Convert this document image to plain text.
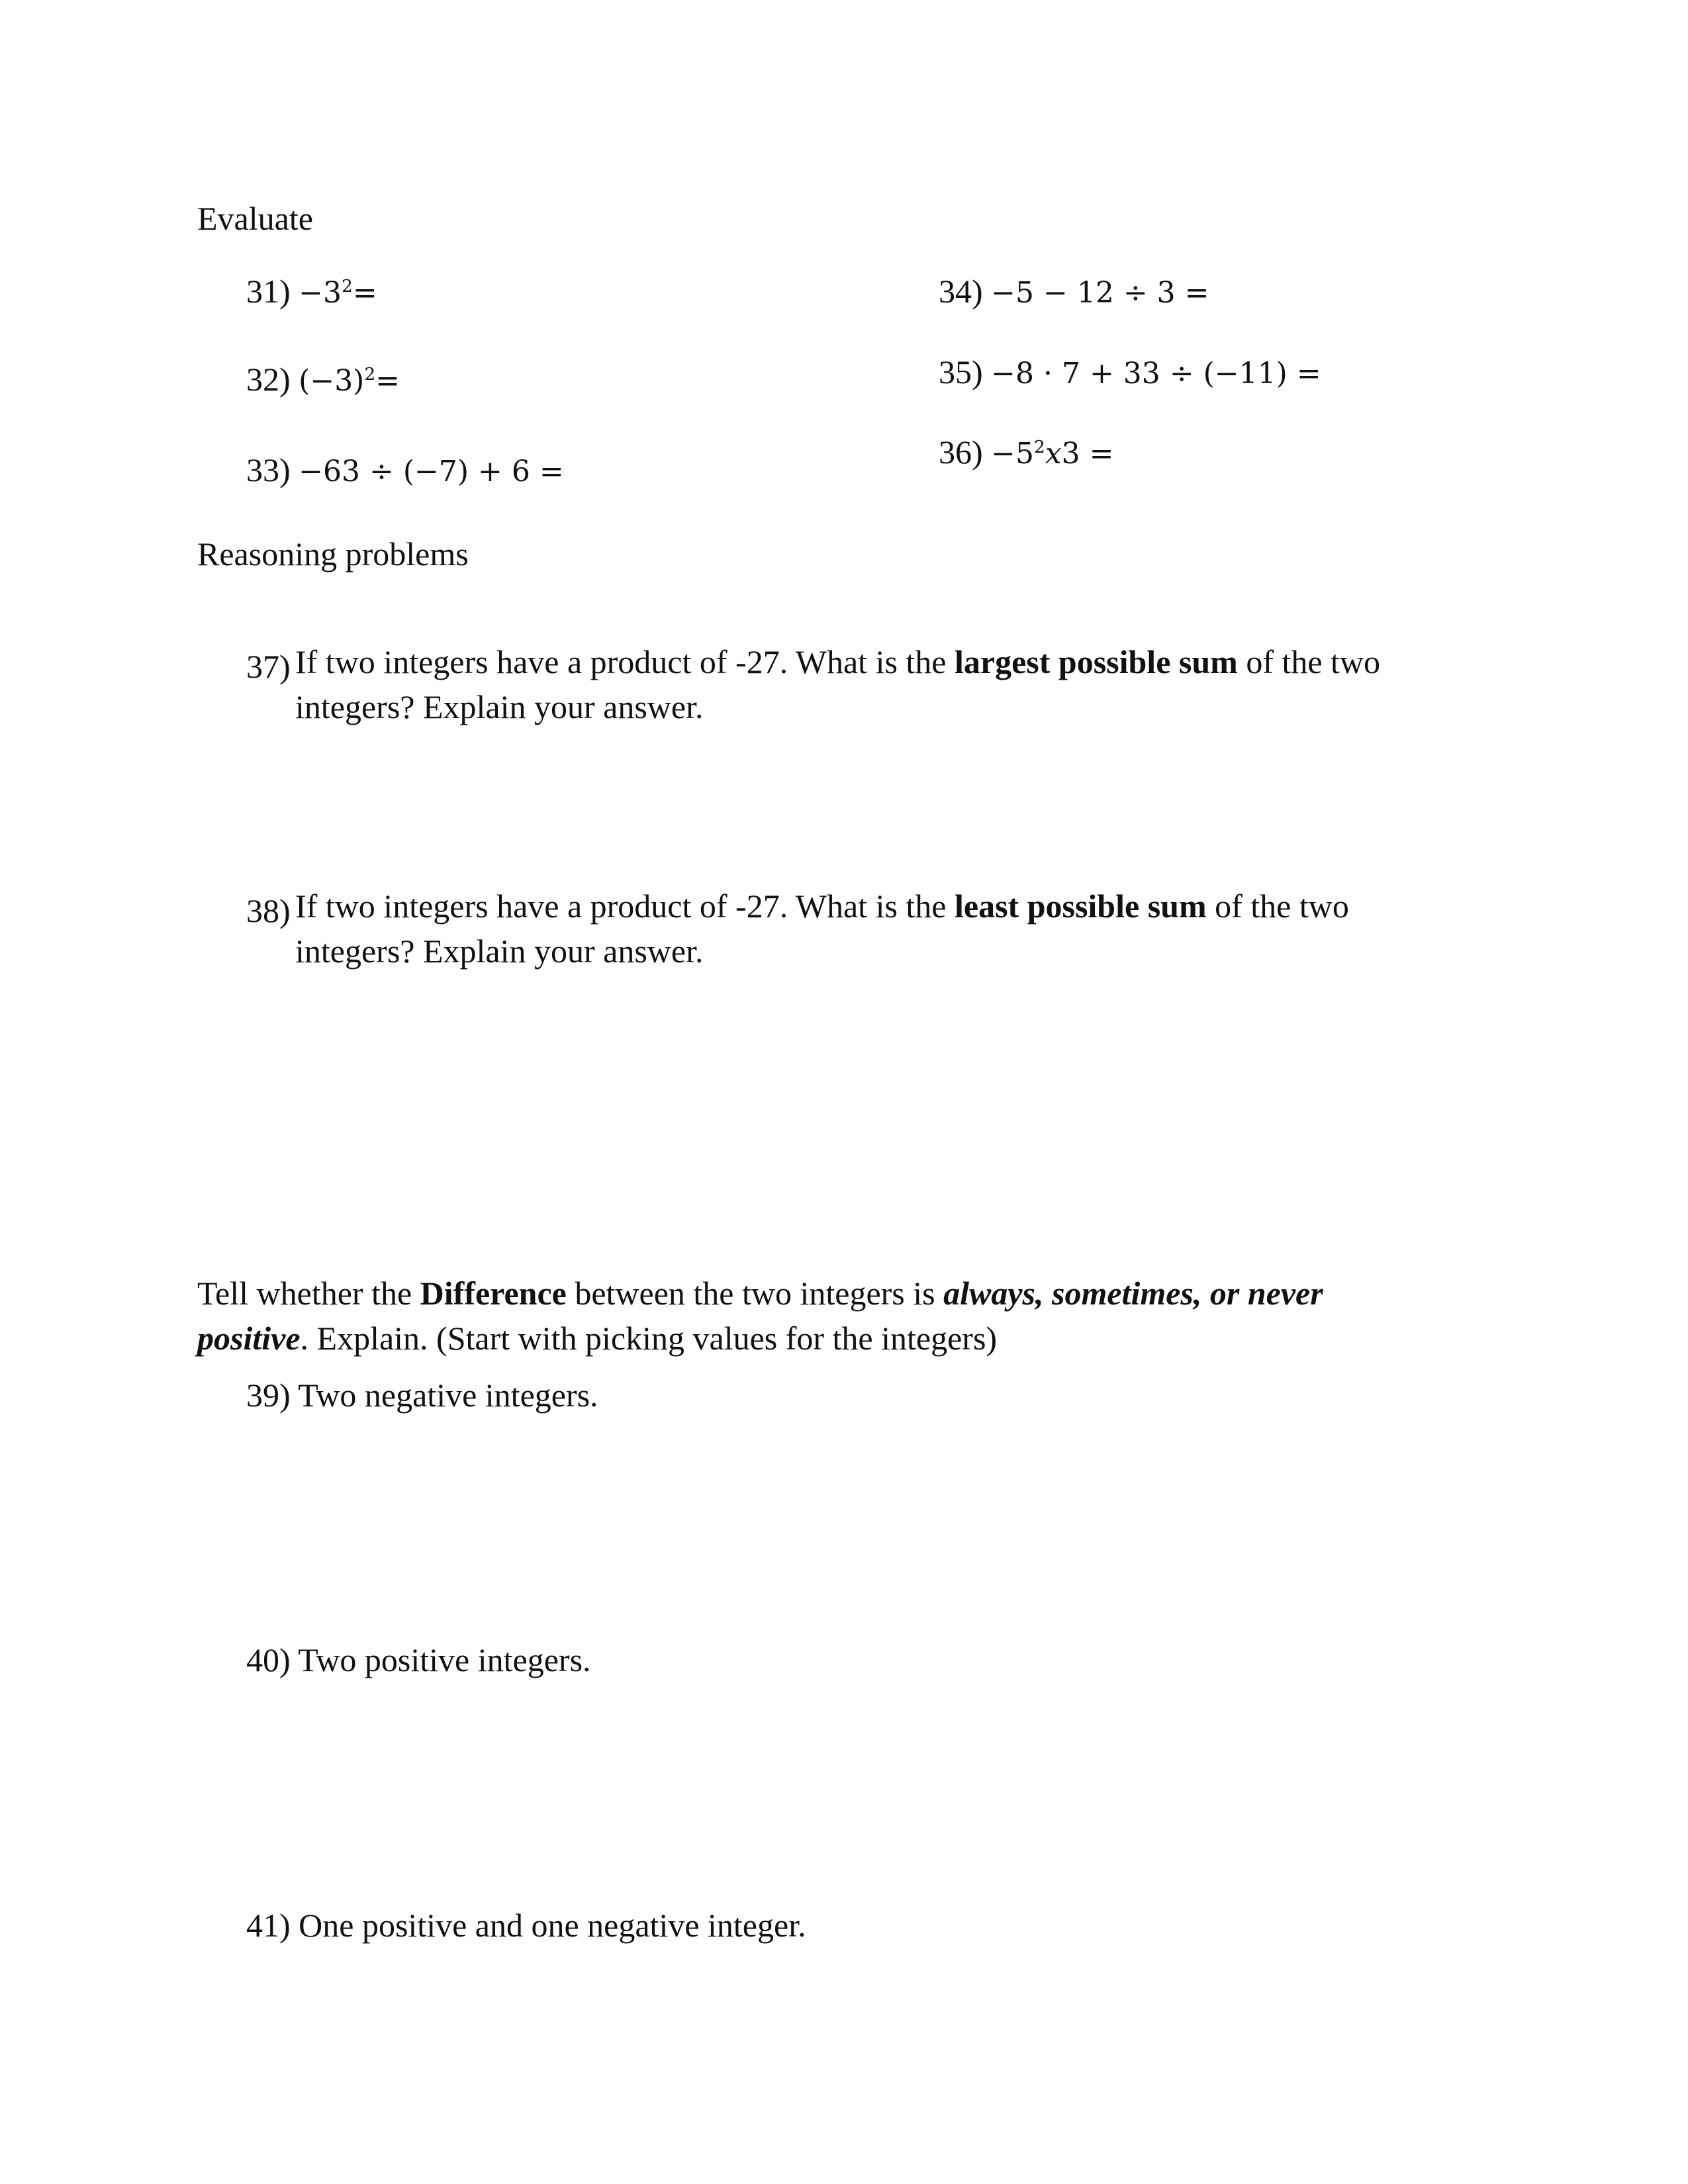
Evaluate
$31) -3^2=$
32) $(-3)^2=$
33) −63 ÷ (−7) + 6 =
34) −5 − 12 ÷ 3 =
35) −8 · 7 + 33 ÷ (−11) =
$36) -5^2x3$ =
Reasoning problems
37) If two integers have a product of -27. What is the largest possible sum of the two
integers? Explain your answer.
38) If two integers have a product of -27. What is the least possible sum of the two
integers? Explain your answer.
Tell whether the Difference between the two integers is always, sometimes, or never
positive. Explain. (Start with picking values for the integers)
39) Two negative integers.
40) Two positive integers.
41) One positive and one negative integer.
